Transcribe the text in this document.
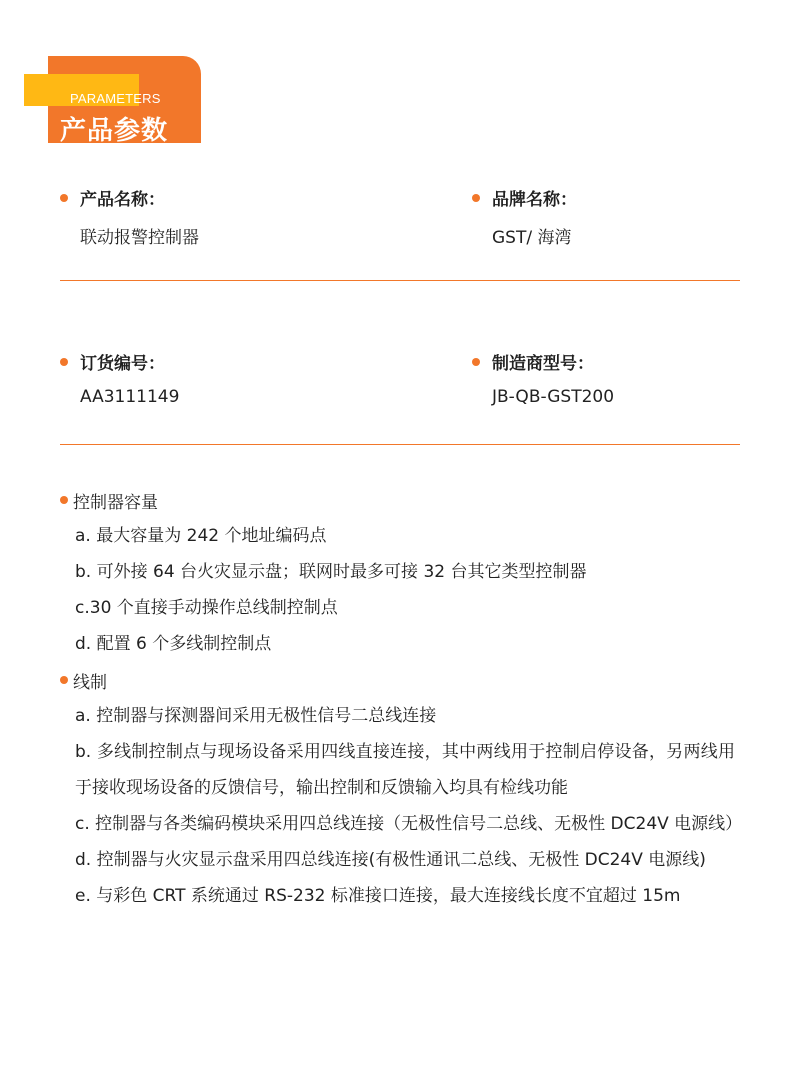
PARAMETERS
产品参数
产品名称：
联动报警控制器
品牌名称：
GST/ 海湾
订货编号：
AA3111149
制造商型号：
JB-QB-GST200
控制器容量
a. 最大容量为 242 个地址编码点
b. 可外接 64 台火灾显示盘；联网时最多可接 32 台其它类型控制器
c.30 个直接手动操作总线制控制点
d. 配置 6 个多线制控制点
线制
a. 控制器与探测器间采用无极性信号二总线连接
b. 多线制控制点与现场设备采用四线直接连接，其中两线用于控制启停设备，另两线用于接收现场设备的反馈信号，输出控制和反馈输入均具有检线功能
c. 控制器与各类编码模块采用四总线连接（无极性信号二总线、无极性 DC24V 电源线）
d. 控制器与火灾显示盘采用四总线连接(有极性通讯二总线、无极性 DC24V 电源线)
e. 与彩色 CRT 系统通过 RS-232 标准接口连接，最大连接线长度不宜超过 15m
